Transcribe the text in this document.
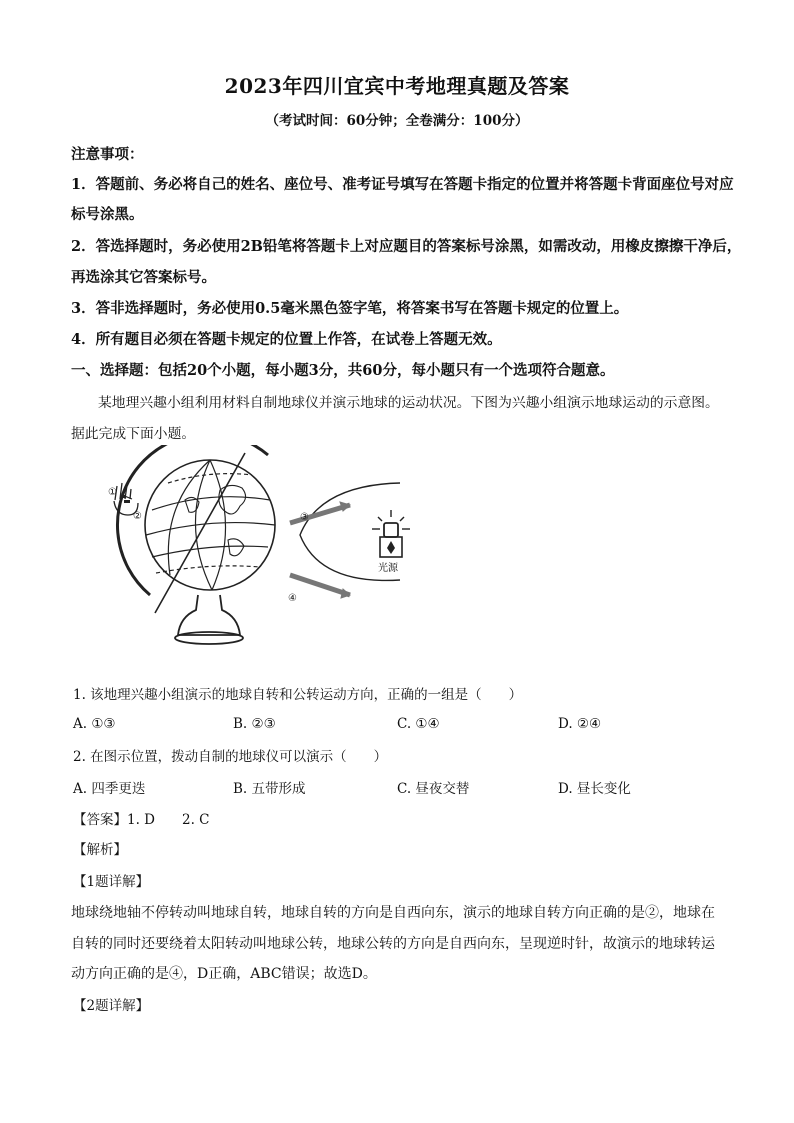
2023年四川宜宾中考地理真题及答案
（考试时间：60分钟；全卷满分：100分）
注意事项：
1．答题前、务必将自己的姓名、座位号、准考证号填写在答题卡指定的位置并将答题卡背面座位号对应
标号涂黑。
2．答选择题时，务必使用2B铅笔将答题卡上对应题目的答案标号涂黑，如需改动，用橡皮擦擦干净后，
再选涂其它答案标号。
3．答非选择题时，务必使用0.5毫米黑色签字笔，将答案书写在答题卡规定的位置上。
4．所有题目必须在答题卡规定的位置上作答，在试卷上答题无效。
一、选择题：包括20个小题，每小题3分，共60分，每小题只有一个选项符合题意。
某地理兴趣小组利用材料自制地球仪并演示地球的运动状况。下图为兴趣小组演示地球运动的示意图。
据此完成下面小题。
①
②	③
④
光源
1. 该地理兴趣小组演示的地球自转和公转运动方向，正确的一组是（　　）
A. ①③	B. ②③	C. ①④	D. ②④
2. 在图示位置，拨动自制的地球仪可以演示（　　）
A. 四季更迭	B. 五带形成	C. 昼夜交替	D. 昼长变化
【答案】1. D　　2. C
【解析】
【1题详解】
地球绕地轴不停转动叫地球自转，地球自转的方向是自西向东，演示的地球自转方向正确的是②，地球在
自转的同时还要绕着太阳转动叫地球公转，地球公转的方向是自西向东，呈现逆时针，故演示的地球转运
动方向正确的是④，D正确，ABC错误；故选D。
【2题详解】
